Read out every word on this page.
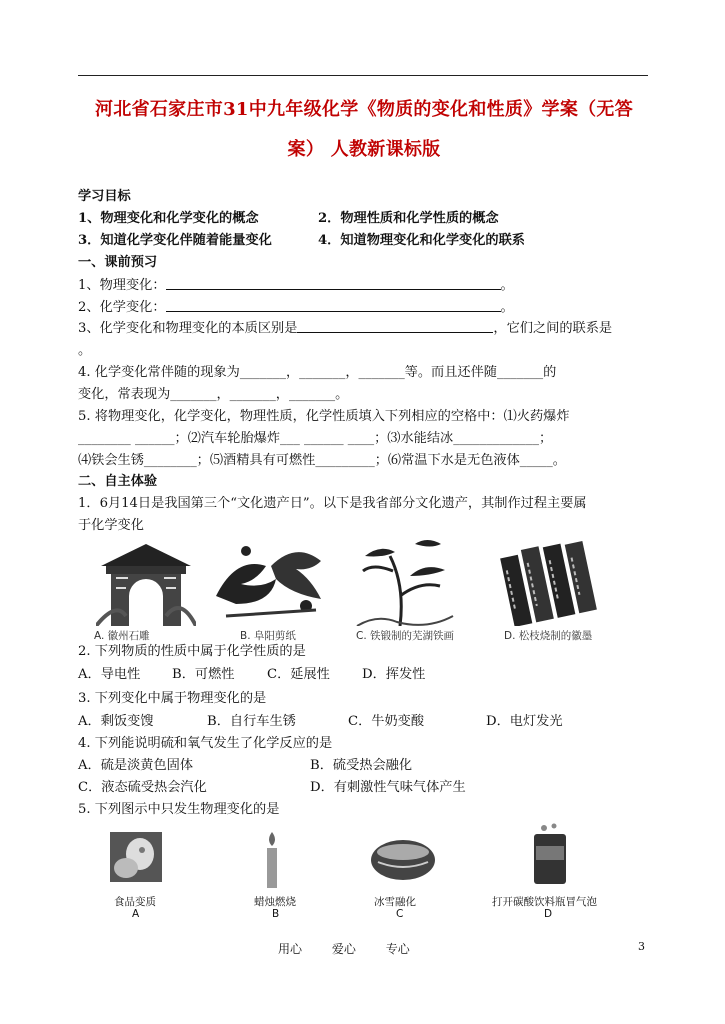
河北省石家庄市31中九年级化学《物质的变化和性质》学案（无答
案） 人教新课标版
学习目标
1、物理变化和化学变化的概念	2．物理性质和化学性质的概念
3．知道化学变化伴随着能量变化	4．知道物理变化和化学变化的联系
一、课前预习
1、物理变化：	。
2、化学变化：	。
3、化学变化和物理变化的本质区别是	，它们之间的联系是
。
4. 化学变化常伴随的现象为_______，_______，_______等。而且还伴随_______的
变化，常表现为_______，_______，_______。
5. 将物理变化，化学变化，物理性质，化学性质填入下列相应的空格中：⑴火药爆炸
________ ______；⑵汽车轮胎爆炸___ ______ ____；⑶水能结冰_____________；
⑷铁会生锈________；⑸酒精具有可燃性_________；⑹常温下水是无色液体_____。
二、自主体验
1．6月14日是我国第三个“文化遗产日”。以下是我省部分文化遗产，其制作过程主要属
于化学变化
A. 徽州石雕	B. 阜阳剪纸	C. 铁锻制的芜湖铁画	D. 松枝烧制的徽墨
2. 下列物质的性质中属于化学性质的是
A．导电性 B．可燃性 C．延展性 D．挥发性
3. 下列变化中属于物理变化的是
A．剩饭变馊	B．自行车生锈	C．牛奶变酸	D．电灯发光
4. 下列能说明硫和氧气发生了化学反应的是
A．硫是淡黄色固体	B．硫受热会融化
C．液态硫受热会汽化	D．有刺激性气味气体产生
5. 下列图示中只发生物理变化的是
食品变质
A
蜡烛燃烧
B
冰雪融化
C
打开碳酸饮料瓶冒气泡
D
用心 爱心 专心	3
